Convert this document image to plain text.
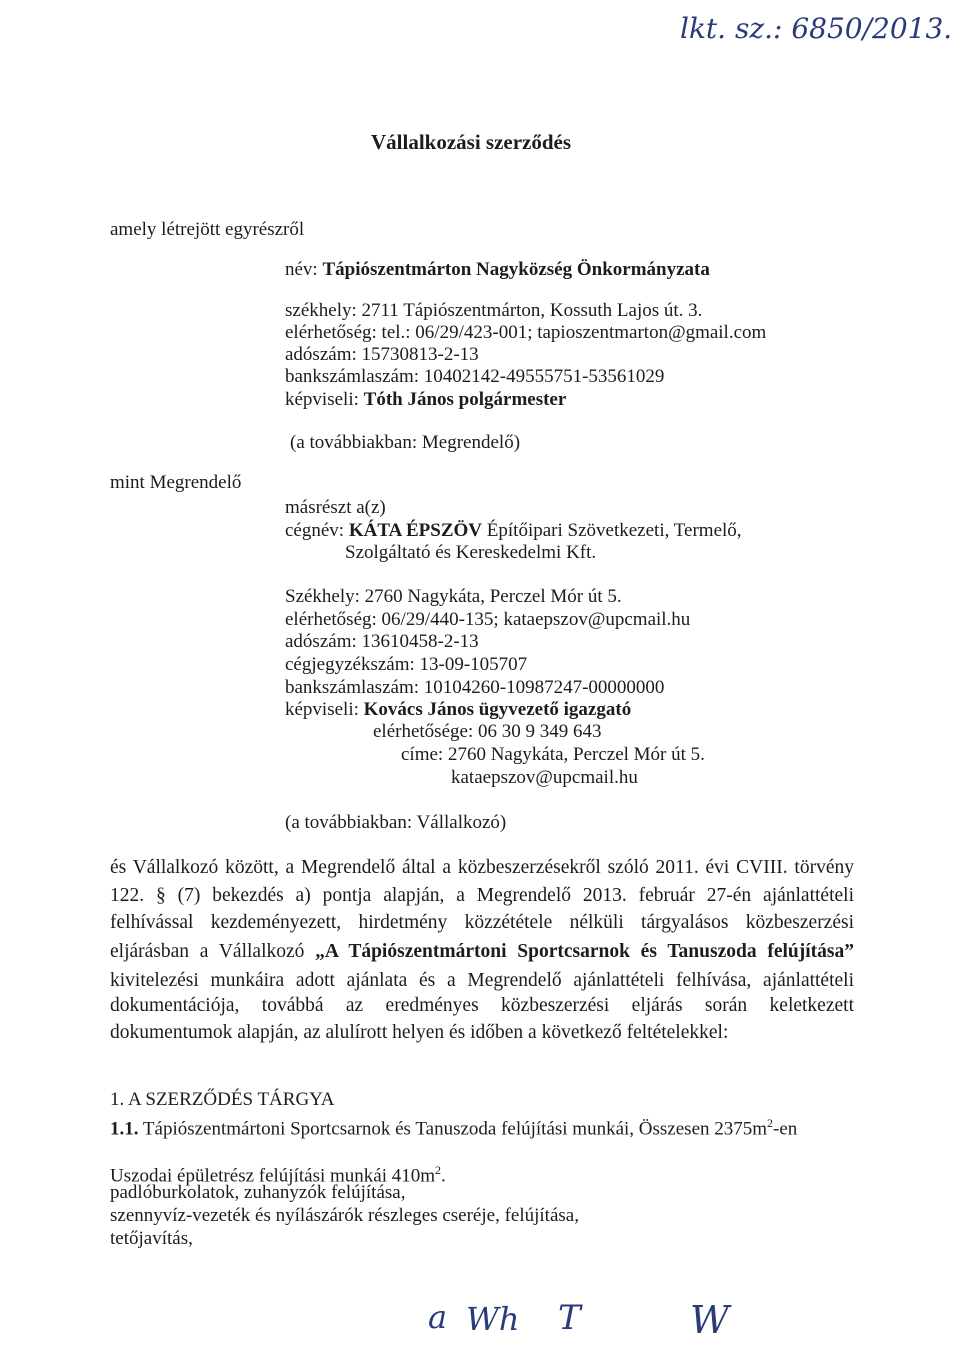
lkt. sz.: 6850/2013.
Vállalkozási szerződés
amely létrejött egyrészről
név: Tápiószentmárton Nagyközség Önkormányzata
székhely: 2711 Tápiószentmárton, Kossuth Lajos út. 3.
elérhetőség: tel.: 06/29/423-001; tapioszentmarton@gmail.com
adószám: 15730813-2-13
bankszámlaszám: 10402142-49555751-53561029
képviseli: Tóth János polgármester
(a továbbiakban: Megrendelő)
mint Megrendelő
másrészt a(z)
cégnév: KÁTA ÉPSZÖV Építőipari Szövetkezeti, Termelő,
Szolgáltató és Kereskedelmi Kft.
Székhely: 2760 Nagykáta, Perczel Mór út 5.
elérhetőség: 06/29/440-135; kataepszov@upcmail.hu
adószám: 13610458-2-13
cégjegyzékszám: 13-09-105707
bankszámlaszám: 10104260-10987247-00000000
képviseli: Kovács János ügyvezető igazgató
elérhetősége: 06 30 9 349 643
címe: 2760 Nagykáta, Perczel Mór út 5.
kataepszov@upcmail.hu
(a továbbiakban: Vállalkozó)
és Vállalkozó között, a Megrendelő által a közbeszerzésekről szóló 2011. évi CVIII. törvény
122. § (7) bekezdés a) pontja alapján, a Megrendelő 2013. február 27-én ajánlattételi
felhívással kezdeményezett, hirdetmény közzététele nélküli tárgyalásos közbeszerzési
eljárásban a Vállalkozó „A Tápiószentmártoni Sportcsarnok és Tanuszoda felújítása”
kivitelezési munkáira adott ajánlata és a Megrendelő ajánlattételi felhívása, ajánlattételi
dokumentációja, továbbá az eredményes közbeszerzési eljárás során keletkezett
dokumentumok alapján, az alulírott helyen és időben a következő feltételekkel:
1. A SZERZŐDÉS TÁRGYA
1.1. Tápiószentmártoni Sportcsarnok és Tanuszoda felújítási munkái, Összesen $2375m^2-en$
Uszodai épületrész felújítási munkái $410m^2$.
padlóburkolatok, zuhanyzók felújítása,
szennyvíz-vezeték és nyílászárók részleges cseréje, felújítása,
tetőjavítás,
a Wh T	W
